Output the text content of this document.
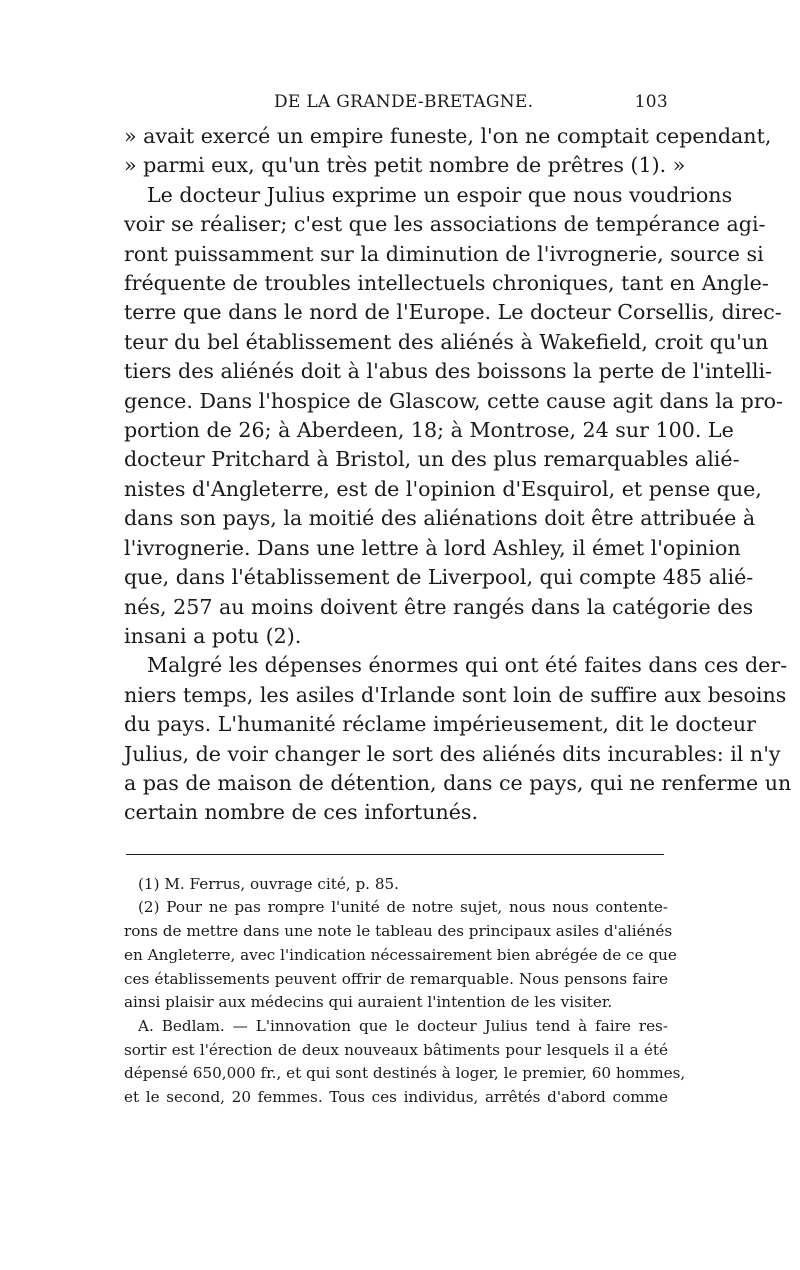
DE LA GRANDE-BRETAGNE.	103
» avait exercé un empire funeste, l'on ne comptait cependant,
» parmi eux, qu'un très petit nombre de prêtres (1). »
Le docteur Julius exprime un espoir que nous voudrions
voir se réaliser; c'est que les associations de tempérance agi-
ront puissamment sur la diminution de l'ivrognerie, source si
fréquente de troubles intellectuels chroniques, tant en Angle-
terre que dans le nord de l'Europe. Le docteur Corsellis, direc-
teur du bel établissement des aliénés à Wakefield, croit qu'un
tiers des aliénés doit à l'abus des boissons la perte de l'intelli-
gence. Dans l'hospice de Glascow, cette cause agit dans la pro-
portion de 26; à Aberdeen, 18; à Montrose, 24 sur 100. Le
docteur Pritchard à Bristol, un des plus remarquables alié-
nistes d'Angleterre, est de l'opinion d'Esquirol, et pense que,
dans son pays, la moitié des aliénations doit être attribuée à
l'ivrognerie. Dans une lettre à lord Ashley, il émet l'opinion
que, dans l'établissement de Liverpool, qui compte 485 alié-
nés, 257 au moins doivent être rangés dans la catégorie des
insani a potu (2).
Malgré les dépenses énormes qui ont été faites dans ces der-
niers temps, les asiles d'Irlande sont loin de suffire aux besoins
du pays. L'humanité réclame impérieusement, dit le docteur
Julius, de voir changer le sort des aliénés dits incurables: il n'y
a pas de maison de détention, dans ce pays, qui ne renferme un
certain nombre de ces infortunés.
(1) M. Ferrus, ouvrage cité, p. 85.
(2) Pour ne pas rompre l'unité de notre sujet, nous nous contente-
rons de mettre dans une note le tableau des principaux asiles d'aliénés
en Angleterre, avec l'indication nécessairement bien abrégée de ce que
ces établissements peuvent offrir de remarquable. Nous pensons faire
ainsi plaisir aux médecins qui auraient l'intention de les visiter.
A. Bedlam. — L'innovation que le docteur Julius tend à faire res-
sortir est l'érection de deux nouveaux bâtiments pour lesquels il a été
dépensé 650,000 fr., et qui sont destinés à loger, le premier, 60 hommes,
et le second, 20 femmes. Tous ces individus, arrêtés d'abord comme
